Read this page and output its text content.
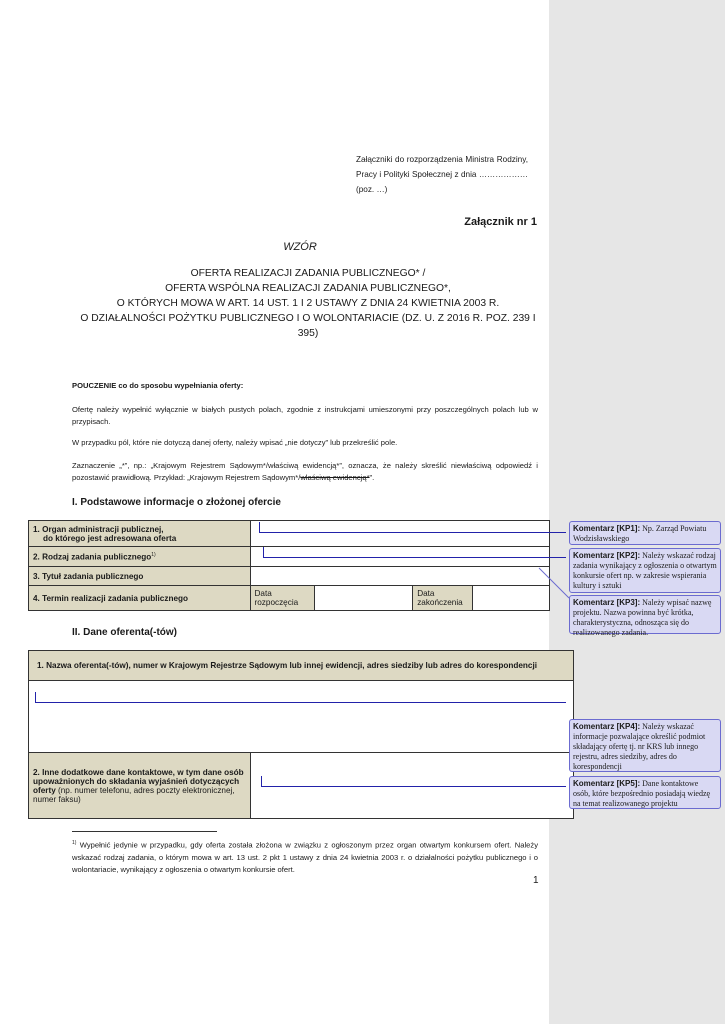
Załączniki do rozporządzenia Ministra Rodziny, Pracy i Polityki Społecznej z dnia ……………… (poz. …)
Załącznik nr 1
WZÓR
OFERTA REALIZACJI ZADANIA PUBLICZNEGO* /
OFERTA WSPÓLNA REALIZACJI ZADANIA PUBLICZNEGO*,
O KTÓRYCH MOWA W ART. 14 UST. 1 I 2 USTAWY Z DNIA 24 KWIETNIA 2003 R.
O DZIAŁALNOŚCI POŻYTKU PUBLICZNEGO I O WOLONTARIACIE (DZ. U. Z 2016 R. POZ. 239 I 395)
POUCZENIE co do sposobu wypełniania oferty:
Ofertę należy wypełnić wyłącznie w białych pustych polach, zgodnie z instrukcjami umieszonymi przy poszczególnych polach lub w przypisach.
W przypadku pól, które nie dotyczą danej oferty, należy wpisać „nie dotyczy” lub przekreślić pole.
Zaznaczenie „*”, np.: „Krajowym Rejestrem Sądowym*/właściwą ewidencją*”, oznacza, że należy skreślić niewłaściwą odpowiedź i pozostawić prawidłową. Przykład: „Krajowym Rejestrem Sądowym*/właściwą ewidencją*”.
I. Podstawowe informacje o złożonej ofercie
1. Organ administracji publicznej,
do którego jest adresowana oferta				

2. Rodzaj zadania publicznego$^{1)}$	
3. Tytuł zadania publicznego				
4. Termin realizacji zadania publicznego	Data rozpoczęcia		Data zakończenia	
II. Dane oferenta(-tów)
1. Nazwa oferenta(-tów), numer w Krajowym Rejestrze Sądowym lub innej ewidencji, adres siedziby lub adres do korespondencji

2. Inne dodatkowe dane kontaktowe, w tym dane osób upoważnionych do składania wyjaśnień dotyczących oferty (np. numer telefonu, adres poczty elektronicznej, numer faksu)	
Komentarz [KP1]: Np. Zarząd Powiatu Wodzisławskiego
Komentarz [KP2]: Należy wskazać rodzaj zadania wynikający z ogłoszenia o otwartym konkursie ofert np. w zakresie wspierania kultury i sztuki
Komentarz [KP3]: Należy wpisać nazwę projektu. Nazwa powinna być krótka, charakterystyczna, odnosząca się do realizowanego zadania.
Komentarz [KP4]: Należy wskazać informacje pozwalające określić podmiot składający ofertę tj. nr KRS lub innego rejestru, adres siedziby, adres do korespondencji
Komentarz [KP5]: Dane kontaktowe osób, które bezpośrednio posiadają wiedzę na temat realizowanego projektu
$^{1)}$ Wypełnić jedynie w przypadku, gdy oferta została złożona w związku z ogłoszonym przez organ otwartym konkursem ofert. Należy wskazać rodzaj zadania, o którym mowa w art. 13 ust. 2 pkt 1 ustawy z dnia 24 kwietnia 2003 r. o działalności pożytku publicznego i o wolontariacie, wynikający z ogłoszenia o otwartym konkursie ofert.
1
